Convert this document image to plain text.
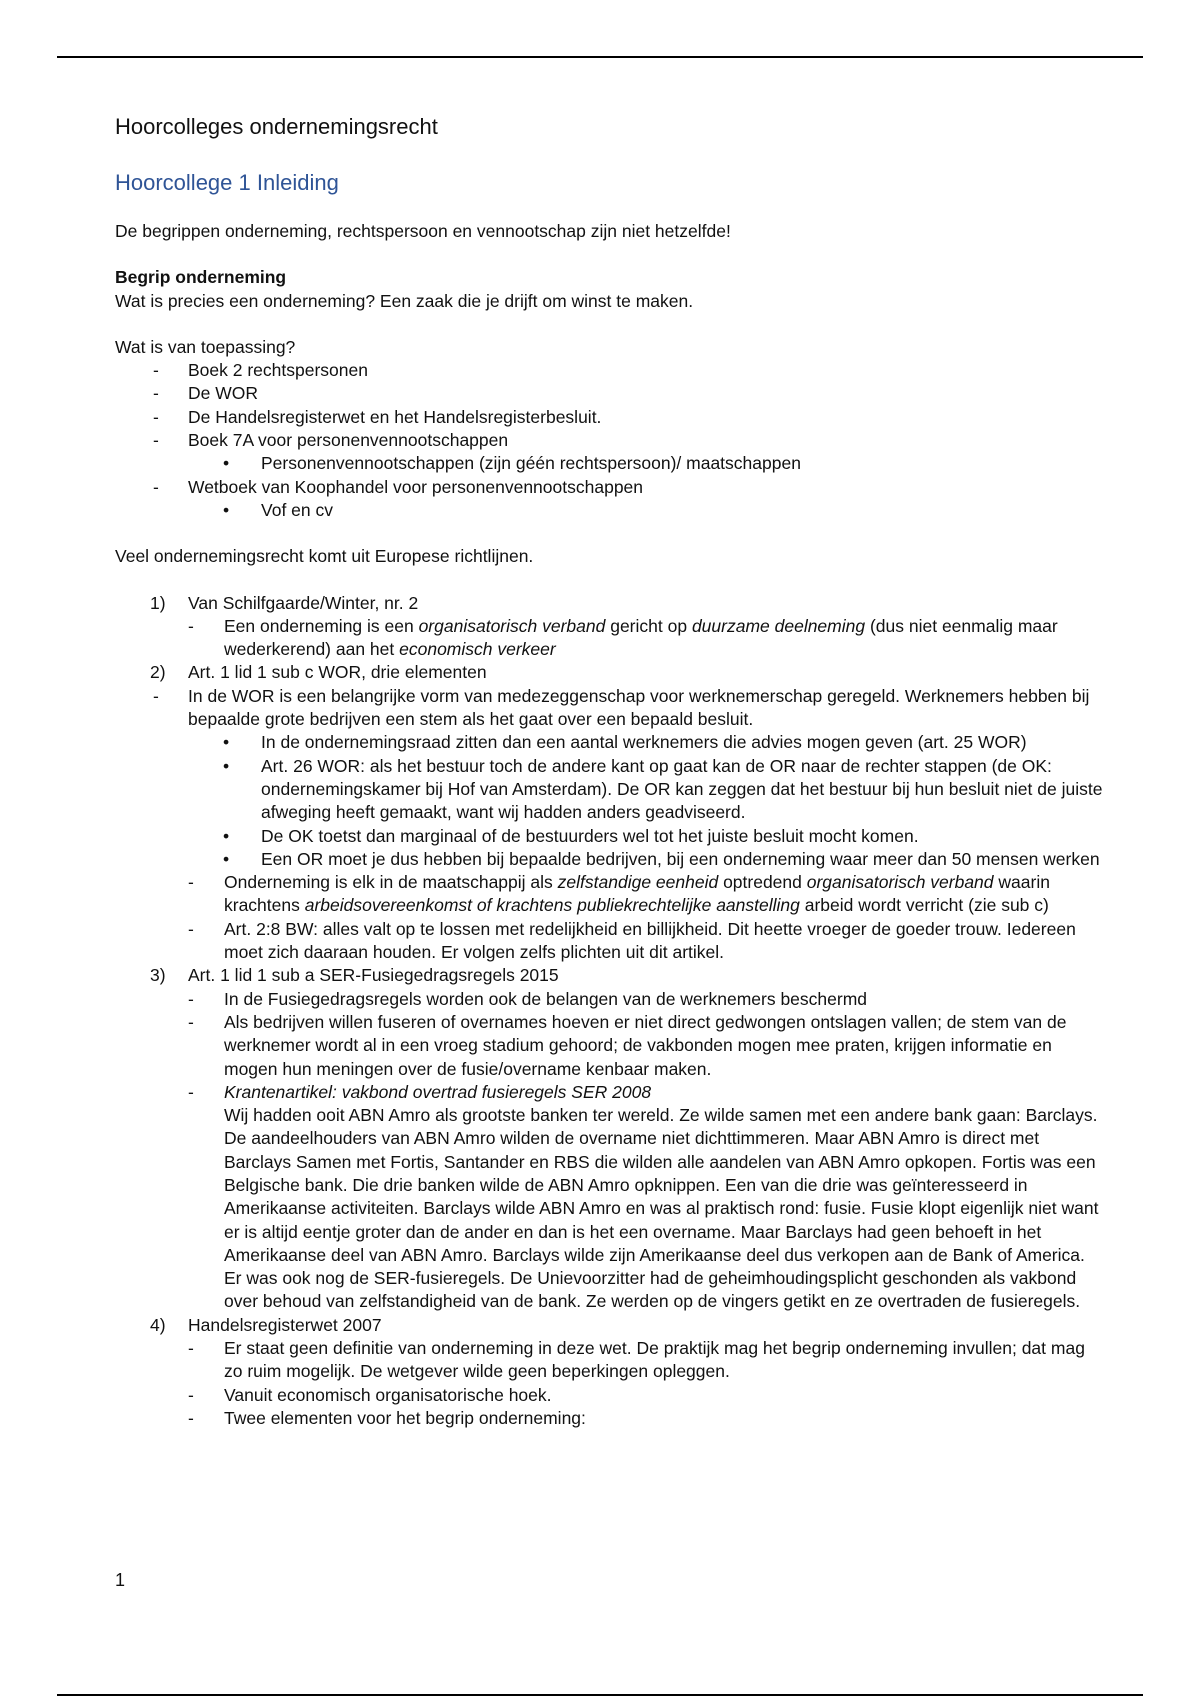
Hoorcolleges ondernemingsrecht
Hoorcollege 1 Inleiding

De begrippen onderneming, rechtspersoon en vennootschap zijn niet hetzelfde!

Begrip onderneming

Wat is precies een onderneming? Een zaak die je drijft om winst te maken.

Wat is van toepassing?

- Boek 2 rechtspersonen
- De WOR
- De Handelsregisterwet en het Handelsregisterbesluit.
- Boek 7A voor personenvennootschappen
• Personenvennootschappen (zijn géén rechtspersoon)/ maatschappen
- Wetboek van Koophandel voor personenvennootschappen
• Vof en cv

Veel ondernemingsrecht komt uit Europese richtlijnen.

1) Van Schilfgaarde/Winter, nr. 2
- Een onderneming is een organisatorisch verband gericht op duurzame deelneming (dus niet eenmalig maar wederkerend) aan het economisch verkeer
2) Art. 1 lid 1 sub c WOR, drie elementen
- In de WOR is een belangrijke vorm van medezeggenschap voor werknemerschap geregeld. Werknemers hebben bij bepaalde grote bedrijven een stem als het gaat over een bepaald besluit.
• In de ondernemingsraad zitten dan een aantal werknemers die advies mogen geven (art. 25 WOR)
• Art. 26 WOR: als het bestuur toch de andere kant op gaat kan de OR naar de rechter stappen (de OK: ondernemingskamer bij Hof van Amsterdam). De OR kan zeggen dat het bestuur bij hun besluit niet de juiste afweging heeft gemaakt, want wij hadden anders geadviseerd.
• De OK toetst dan marginaal of de bestuurders wel tot het juiste besluit mocht komen.
• Een OR moet je dus hebben bij bepaalde bedrijven, bij een onderneming waar meer dan 50 mensen werken
- Onderneming is elk in de maatschappij als zelfstandige eenheid optredend organisatorisch verband waarin krachtens arbeidsovereenkomst of krachtens publiekrechtelijke aanstelling arbeid wordt verricht (zie sub c)
- Art. 2:8 BW: alles valt op te lossen met redelijkheid en billijkheid. Dit heette vroeger de goeder trouw. Iedereen moet zich daaraan houden. Er volgen zelfs plichten uit dit artikel.
3) Art. 1 lid 1 sub a SER-Fusiegedragsregels 2015
- In de Fusiegedragsregels worden ook de belangen van de werknemers beschermd
- Als bedrijven willen fuseren of overnames hoeven er niet direct gedwongen ontslagen vallen; de stem van de werknemer wordt al in een vroeg stadium gehoord; de vakbonden mogen mee praten, krijgen informatie en mogen hun meningen over de fusie/overname kenbaar maken.
- Krantenartikel: vakbond overtrad fusieregels SER 2008
Wij hadden ooit ABN Amro als grootste banken ter wereld. Ze wilde samen met een andere bank gaan: Barclays. De aandeelhouders van ABN Amro wilden de overname niet dichttimmeren. Maar ABN Amro is direct met Barclays Samen met Fortis, Santander en RBS die wilden alle aandelen van ABN Amro opkopen. Fortis was een Belgische bank. Die drie banken wilde de ABN Amro opknippen. Een van die drie was geïnteresseerd in Amerikaanse activiteiten. Barclays wilde ABN Amro en was al praktisch rond: fusie. Fusie klopt eigenlijk niet want er is altijd eentje groter dan de ander en dan is het een overname. Maar Barclays had geen behoeft in het Amerikaanse deel van ABN Amro. Barclays wilde zijn Amerikaanse deel dus verkopen aan de Bank of America.
Er was ook nog de SER-fusieregels. De Unievoorzitter had de geheimhoudingsplicht geschonden als vakbond over behoud van zelfstandigheid van de bank. Ze werden op de vingers getikt en ze overtraden de fusieregels.
4) Handelsregisterwet 2007
- Er staat geen definitie van onderneming in deze wet. De praktijk mag het begrip onderneming invullen; dat mag zo ruim mogelijk. De wetgever wilde geen beperkingen opleggen.
- Vanuit economisch organisatorische hoek.
- Twee elementen voor het begrip onderneming:
1
